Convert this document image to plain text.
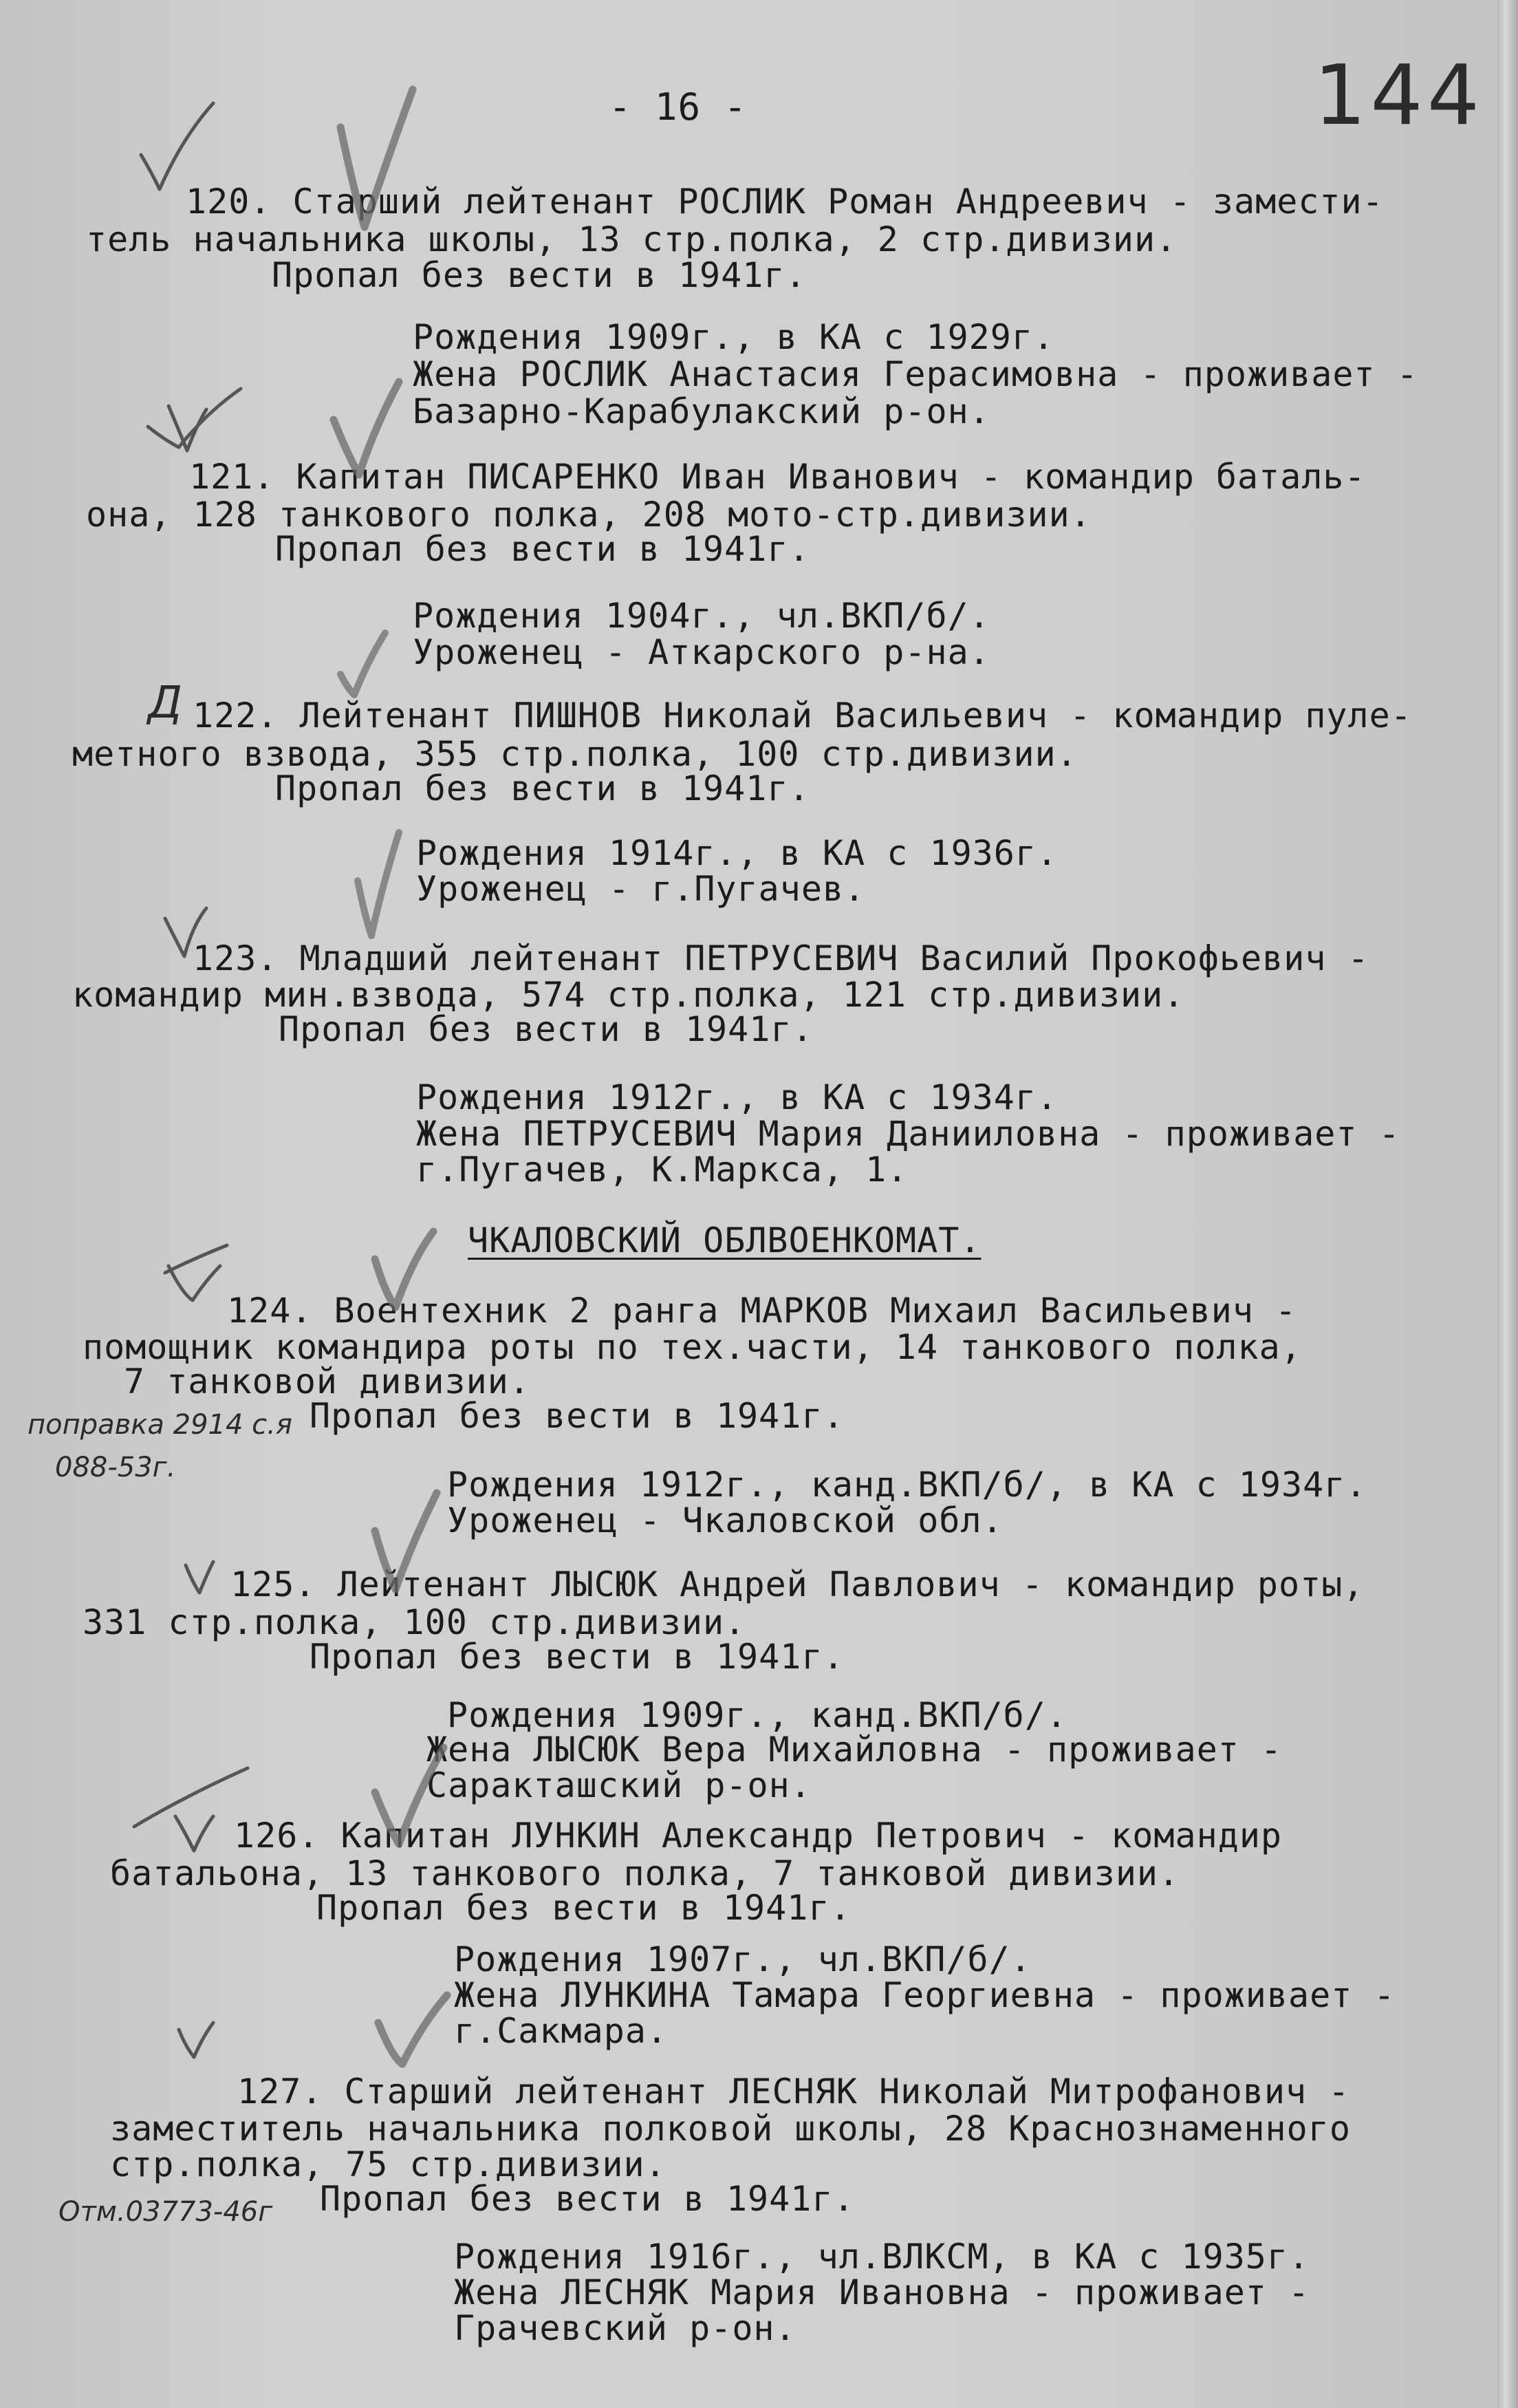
- 16 -	144
120. Старший лейтенант РОСЛИК Роман Андреевич - замести-
тель начальника школы, 13 стр.полка, 2 стр.дивизии.
Пропал без вести в 1941г.
Рождения 1909г., в КА с 1929г.
Жена РОСЛИК Анастасия Герасимовна - проживает -
Базарно-Карабулакский р-он.
121. Капитан ПИСАРЕНКО Иван Иванович - командир баталь-
она, 128 танкового полка, 208 мото-стр.дивизии.
Пропал без вести в 1941г.
Рождения 1904г., чл.ВКП/б/.
Уроженец - Аткарского р-на.
Д 122. Лейтенант ПИШНОВ Николай Васильевич - командир пуле-
метного взвода, 355 стр.полка, 100 стр.дивизии.
Пропал без вести в 1941г.
Рождения 1914г., в КА с 1936г.
Уроженец - г.Пугачев.
123. Младший лейтенант ПЕТРУСЕВИЧ Василий Прокофьевич -
командир мин.взвода, 574 стр.полка, 121 стр.дивизии.
Пропал без вести в 1941г.
Рождения 1912г., в КА с 1934г.
Жена ПЕТРУСЕВИЧ Мария Данииловна - проживает -
г.Пугачев, К.Маркса, 1.
ЧКАЛОВСКИЙ ОБЛВОЕНКОМАТ.
124. Воентехник 2 ранга МАРКОВ Михаил Васильевич -
помощник командира роты по тех.части, 14 танкового полка,
7 танковой дивизии.
поправка 2914 с.я Пропал без вести в 1941г.
088-53г.	Рождения 1912г., канд.ВКП/б/, в КА с 1934г.
Уроженец - Чкаловской обл.
125. Лейтенант ЛЫСЮК Андрей Павлович - командир роты,
331 стр.полка, 100 стр.дивизии.
Пропал без вести в 1941г.
Рождения 1909г., канд.ВКП/б/.
Жена ЛЫСЮК Вера Михайловна - проживает -
Саракташский р-он.
126. Капитан ЛУНКИН Александр Петрович - командир
батальона, 13 танкового полка, 7 танковой дивизии.
Пропал без вести в 1941г.
Рождения 1907г., чл.ВКП/б/.
Жена ЛУНКИНА Тамара Георгиевна - проживает -
г.Сакмара.
127. Старший лейтенант ЛЕСНЯК Николай Митрофанович -
заместитель начальника полковой школы, 28 Краснознаменного
стр.полка, 75 стр.дивизии.
Отм.03773-46г Пропал без вести в 1941г.
Рождения 1916г., чл.ВЛКСМ, в КА с 1935г.
Жена ЛЕСНЯК Мария Ивановна - проживает -
Грачевский р-он.
